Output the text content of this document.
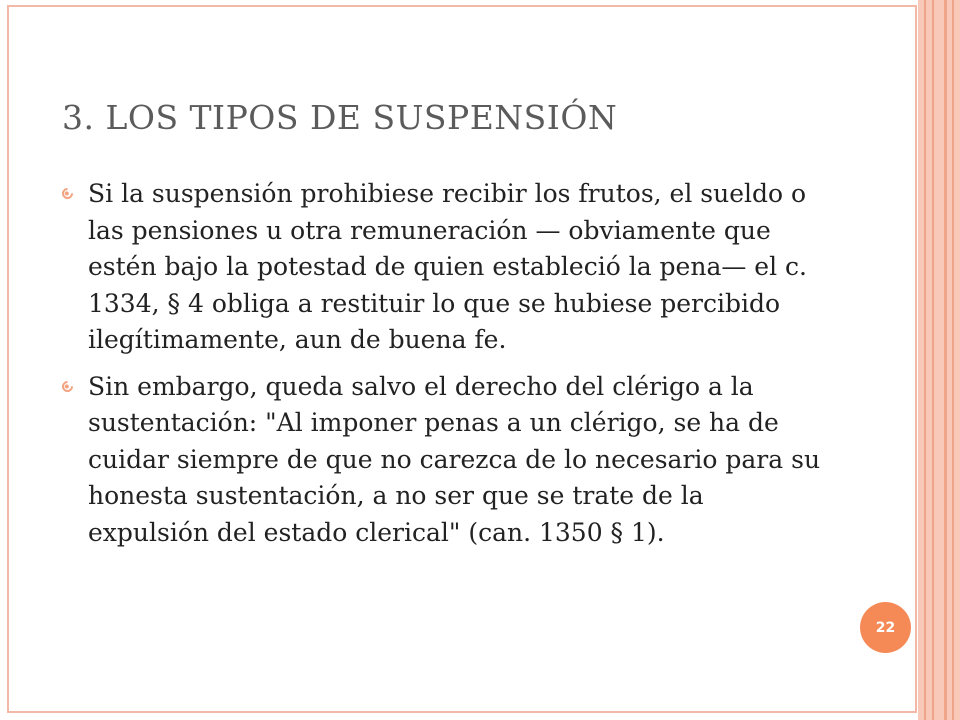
3. LOS TIPOS DE SUSPENSIÓN
Si la suspensión prohibiese recibir los frutos, el sueldo o las pensiones u otra remuneración — obviamente que estén bajo la potestad de quien estableció la pena— el c. 1334, § 4 obliga a restituir lo que se hubiese percibido ilegítimamente, aun de buena fe.
Sin embargo, queda salvo el derecho del clérigo a la sustentación: "Al imponer penas a un clérigo, se ha de cuidar siempre de que no carezca de lo necesario para su honesta sustentación, a no ser que se trate de la expulsión del estado clerical" (can. 1350 § 1).
22
